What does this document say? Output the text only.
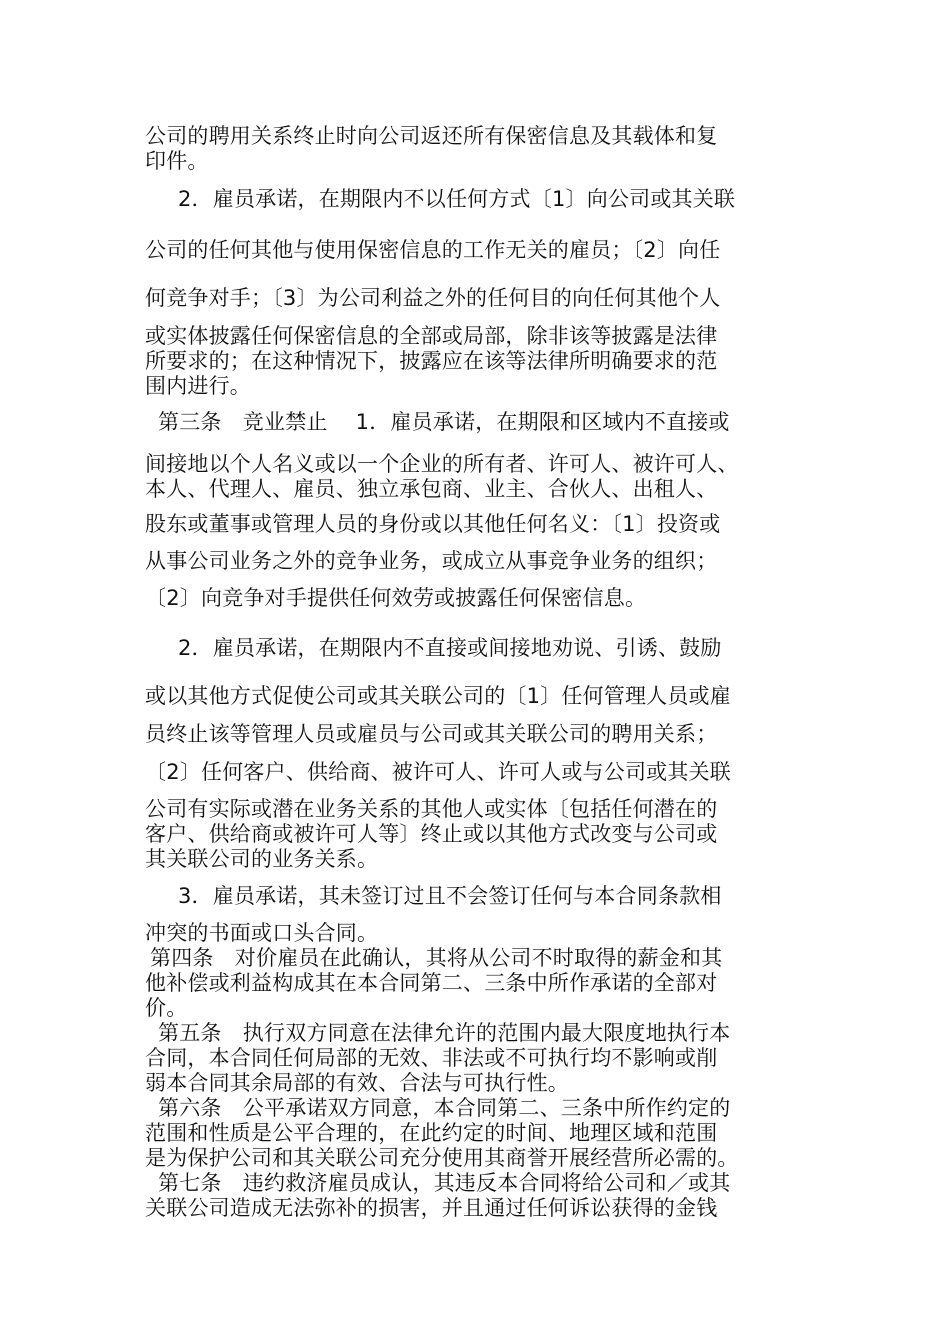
公司的聘用关系终止时向公司返还所有保密信息及其载体和复
印件。
2．雇员承诺，在期限内不以任何方式〔1〕向公司或其关联
公司的任何其他与使用保密信息的工作无关的雇员；〔2〕向任
何竞争对手；〔3〕为公司利益之外的任何目的向任何其他个人
或实体披露任何保密信息的全部或局部，除非该等披露是法律
所要求的；在这种情况下，披露应在该等法律所明确要求的范
围内进行。
第三条　竞业禁止　 1．雇员承诺，在期限和区域内不直接或
间接地以个人名义或以一个企业的所有者、许可人、被许可人、
本人、代理人、雇员、独立承包商、业主、合伙人、出租人、
股东或董事或管理人员的身份或以其他任何名义：〔1〕投资或
从事公司业务之外的竞争业务，或成立从事竞争业务的组织；
〔2〕向竞争对手提供任何效劳或披露任何保密信息。
2．雇员承诺，在期限内不直接或间接地劝说、引诱、鼓励
或以其他方式促使公司或其关联公司的〔1〕任何管理人员或雇
员终止该等管理人员或雇员与公司或其关联公司的聘用关系；
〔2〕任何客户、供给商、被许可人、许可人或与公司或其关联
公司有实际或潜在业务关系的其他人或实体〔包括任何潜在的
客户、供给商或被许可人等〕终止或以其他方式改变与公司或
其关联公司的业务关系。
3．雇员承诺，其未签订过且不会签订任何与本合同条款相
冲突的书面或口头合同。
第四条　对价雇员在此确认，其将从公司不时取得的薪金和其
他补偿或利益构成其在本合同第二、三条中所作承诺的全部对
价。
第五条　执行双方同意在法律允许的范围内最大限度地执行本
合同，本合同任何局部的无效、非法或不可执行均不影响或削
弱本合同其余局部的有效、合法与可执行性。
第六条　公平承诺双方同意，本合同第二、三条中所作约定的
范围和性质是公平合理的，在此约定的时间、地理区域和范围
是为保护公司和其关联公司充分使用其商誉开展经营所必需的。
第七条　违约救济雇员成认，其违反本合同将给公司和／或其
关联公司造成无法弥补的损害，并且通过任何诉讼获得的金钱
